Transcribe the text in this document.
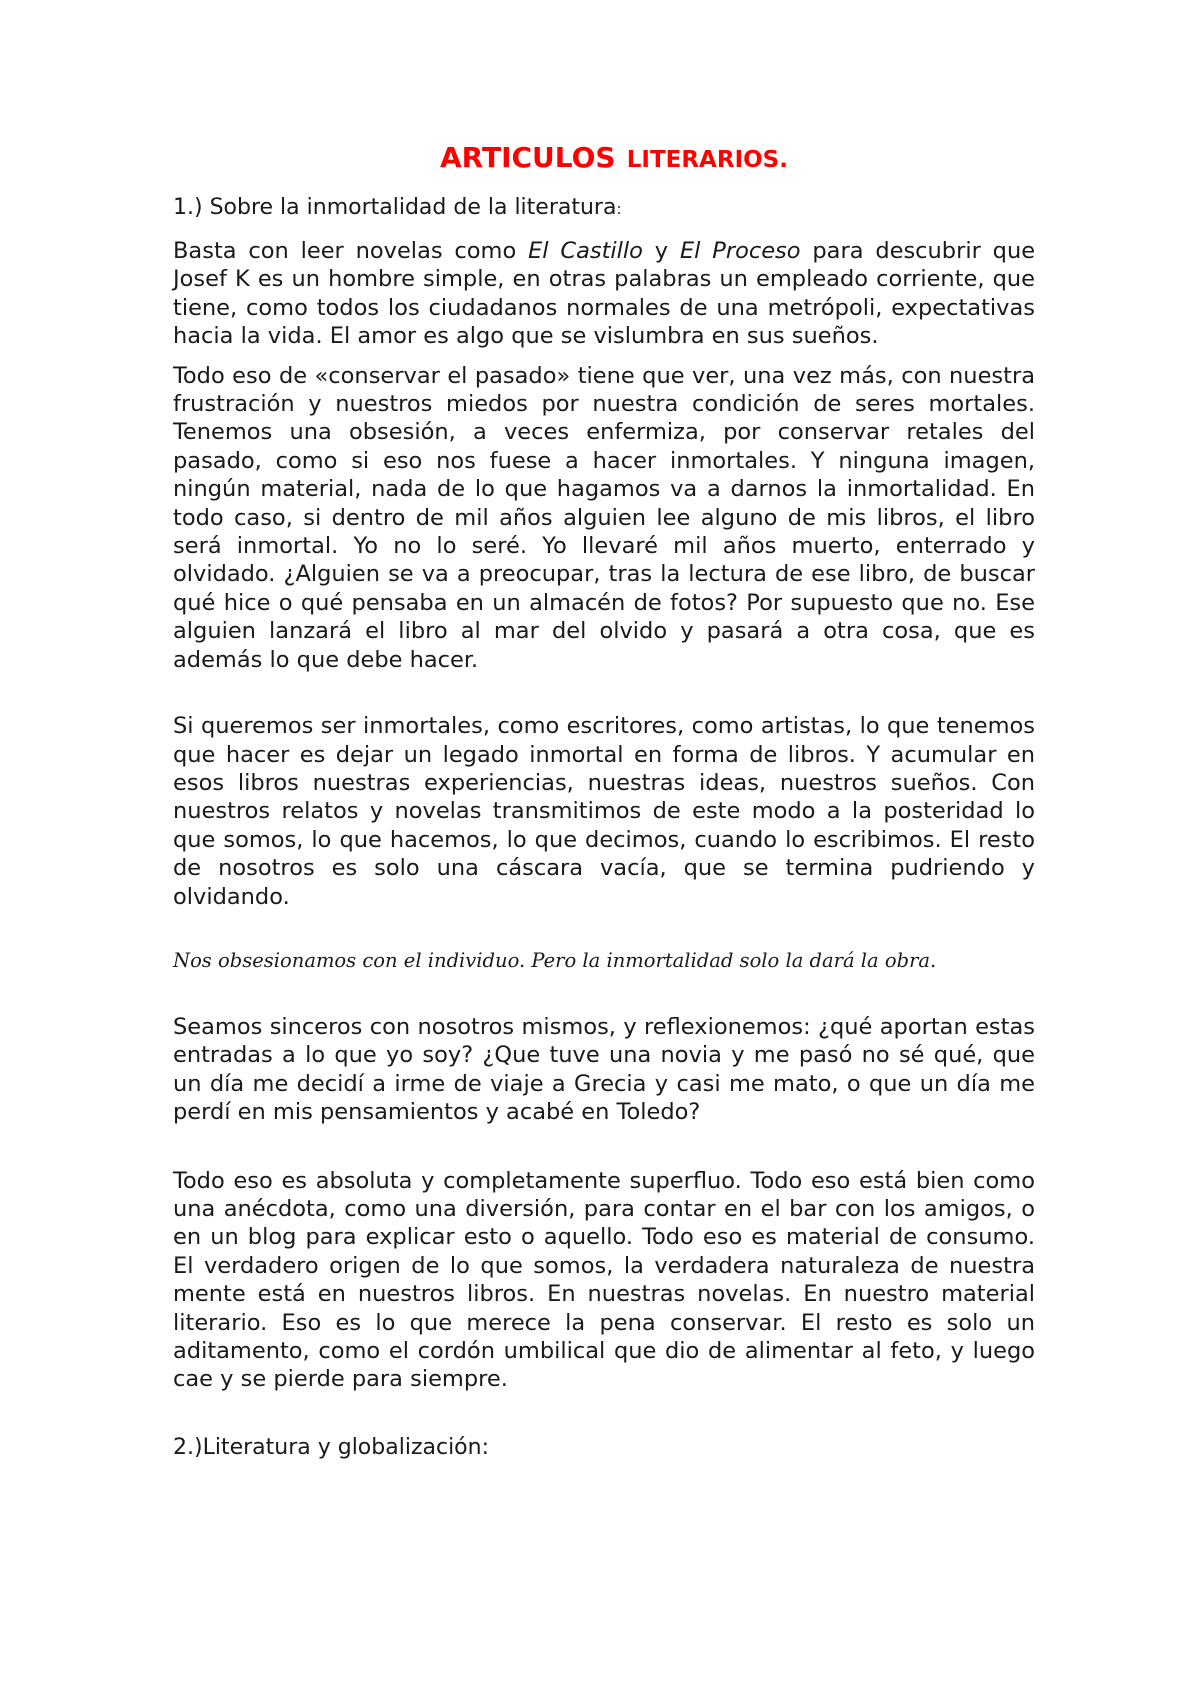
ARTICULOS LITERARIOS.

1.) Sobre la inmortalidad de la literatura:

Basta con leer novelas como El Castillo y El Proceso para descubrir que Josef K es un hombre simple, en otras palabras un empleado corriente, que tiene, como todos los ciudadanos normales de una metrópoli, expectativas hacia la vida. El amor es algo que se vislumbra en sus sueños.

Todo eso de «conservar el pasado» tiene que ver, una vez más, con nuestra frustración y nuestros miedos por nuestra condición de seres mortales. Tenemos una obsesión, a veces enfermiza, por conservar retales del pasado, como si eso nos fuese a hacer inmortales. Y ninguna imagen, ningún material, nada de lo que hagamos va a darnos la inmortalidad. En todo caso, si dentro de mil años alguien lee alguno de mis libros, el libro será inmortal. Yo no lo seré. Yo llevaré mil años muerto, enterrado y olvidado. ¿Alguien se va a preocupar, tras la lectura de ese libro, de buscar qué hice o qué pensaba en un almacén de fotos? Por supuesto que no. Ese alguien lanzará el libro al mar del olvido y pasará a otra cosa, que es además lo que debe hacer.

Si queremos ser inmortales, como escritores, como artistas, lo que tenemos que hacer es dejar un legado inmortal en forma de libros. Y acumular en esos libros nuestras experiencias, nuestras ideas, nuestros sueños. Con nuestros relatos y novelas transmitimos de este modo a la posteridad lo que somos, lo que hacemos, lo que decimos, cuando lo escribimos. El resto de nosotros es solo una cáscara vacía, que se termina pudriendo y olvidando.

Nos obsesionamos con el individuo. Pero la inmortalidad solo la dará la obra.

Seamos sinceros con nosotros mismos, y reflexionemos: ¿qué aportan estas entradas a lo que yo soy? ¿Que tuve una novia y me pasó no sé qué, que un día me decidí a irme de viaje a Grecia y casi me mato, o que un día me perdí en mis pensamientos y acabé en Toledo?

Todo eso es absoluta y completamente superfluo. Todo eso está bien como una anécdota, como una diversión, para contar en el bar con los amigos, o en un blog para explicar esto o aquello. Todo eso es material de consumo. El verdadero origen de lo que somos, la verdadera naturaleza de nuestra mente está en nuestros libros. En nuestras novelas. En nuestro material literario. Eso es lo que merece la pena conservar. El resto es solo un aditamento, como el cordón umbilical que dio de alimentar al feto, y luego cae y se pierde para siempre.

2.)Literatura y globalización:
